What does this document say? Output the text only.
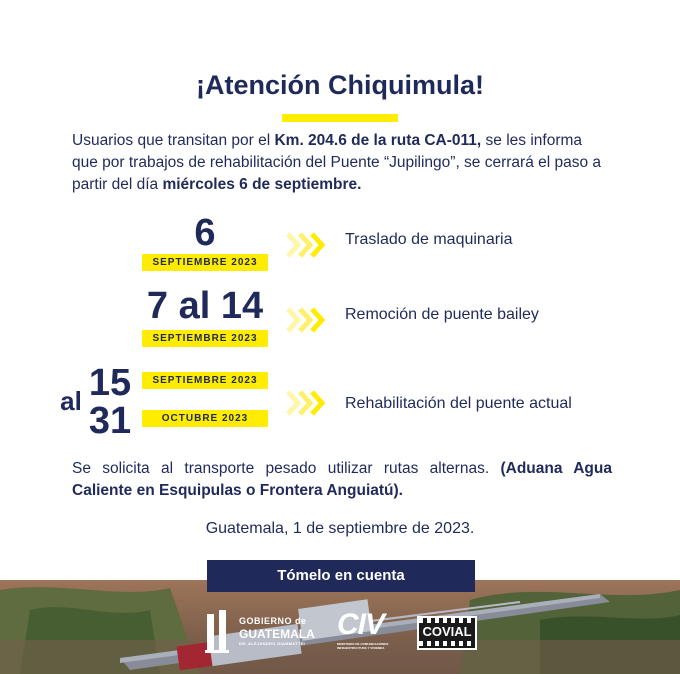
¡Atención Chiquimula!
Usuarios que transitan por el Km. 204.6 de la ruta CA-011, se les informa que por trabajos de rehabilitación del Puente “Jupilingo”, se cerrará el paso a partir del día miércoles 6 de septiembre.
6
SEPTIEMBRE 2023
Traslado de maquinaria
7 al 14
SEPTIEMBRE 2023
Remoción de puente bailey
al 15
31
SEPTIEMBRE 2023
OCTUBRE 2023
Rehabilitación del puente actual
Se solicita al transporte pesado utilizar rutas alternas. (Aduana Agua Caliente en Esquipulas o Frontera Anguiatú).
Guatemala, 1 de septiembre de 2023.
Tómelo en cuenta
GOBIERNO de
GUATEMALA
DR. ALEJANDRO GIAMMATTEI
CIV
MINISTERIO DE COMUNICACIONES INFRAESTRUCTURA Y VIVIENDA
COVIAL
